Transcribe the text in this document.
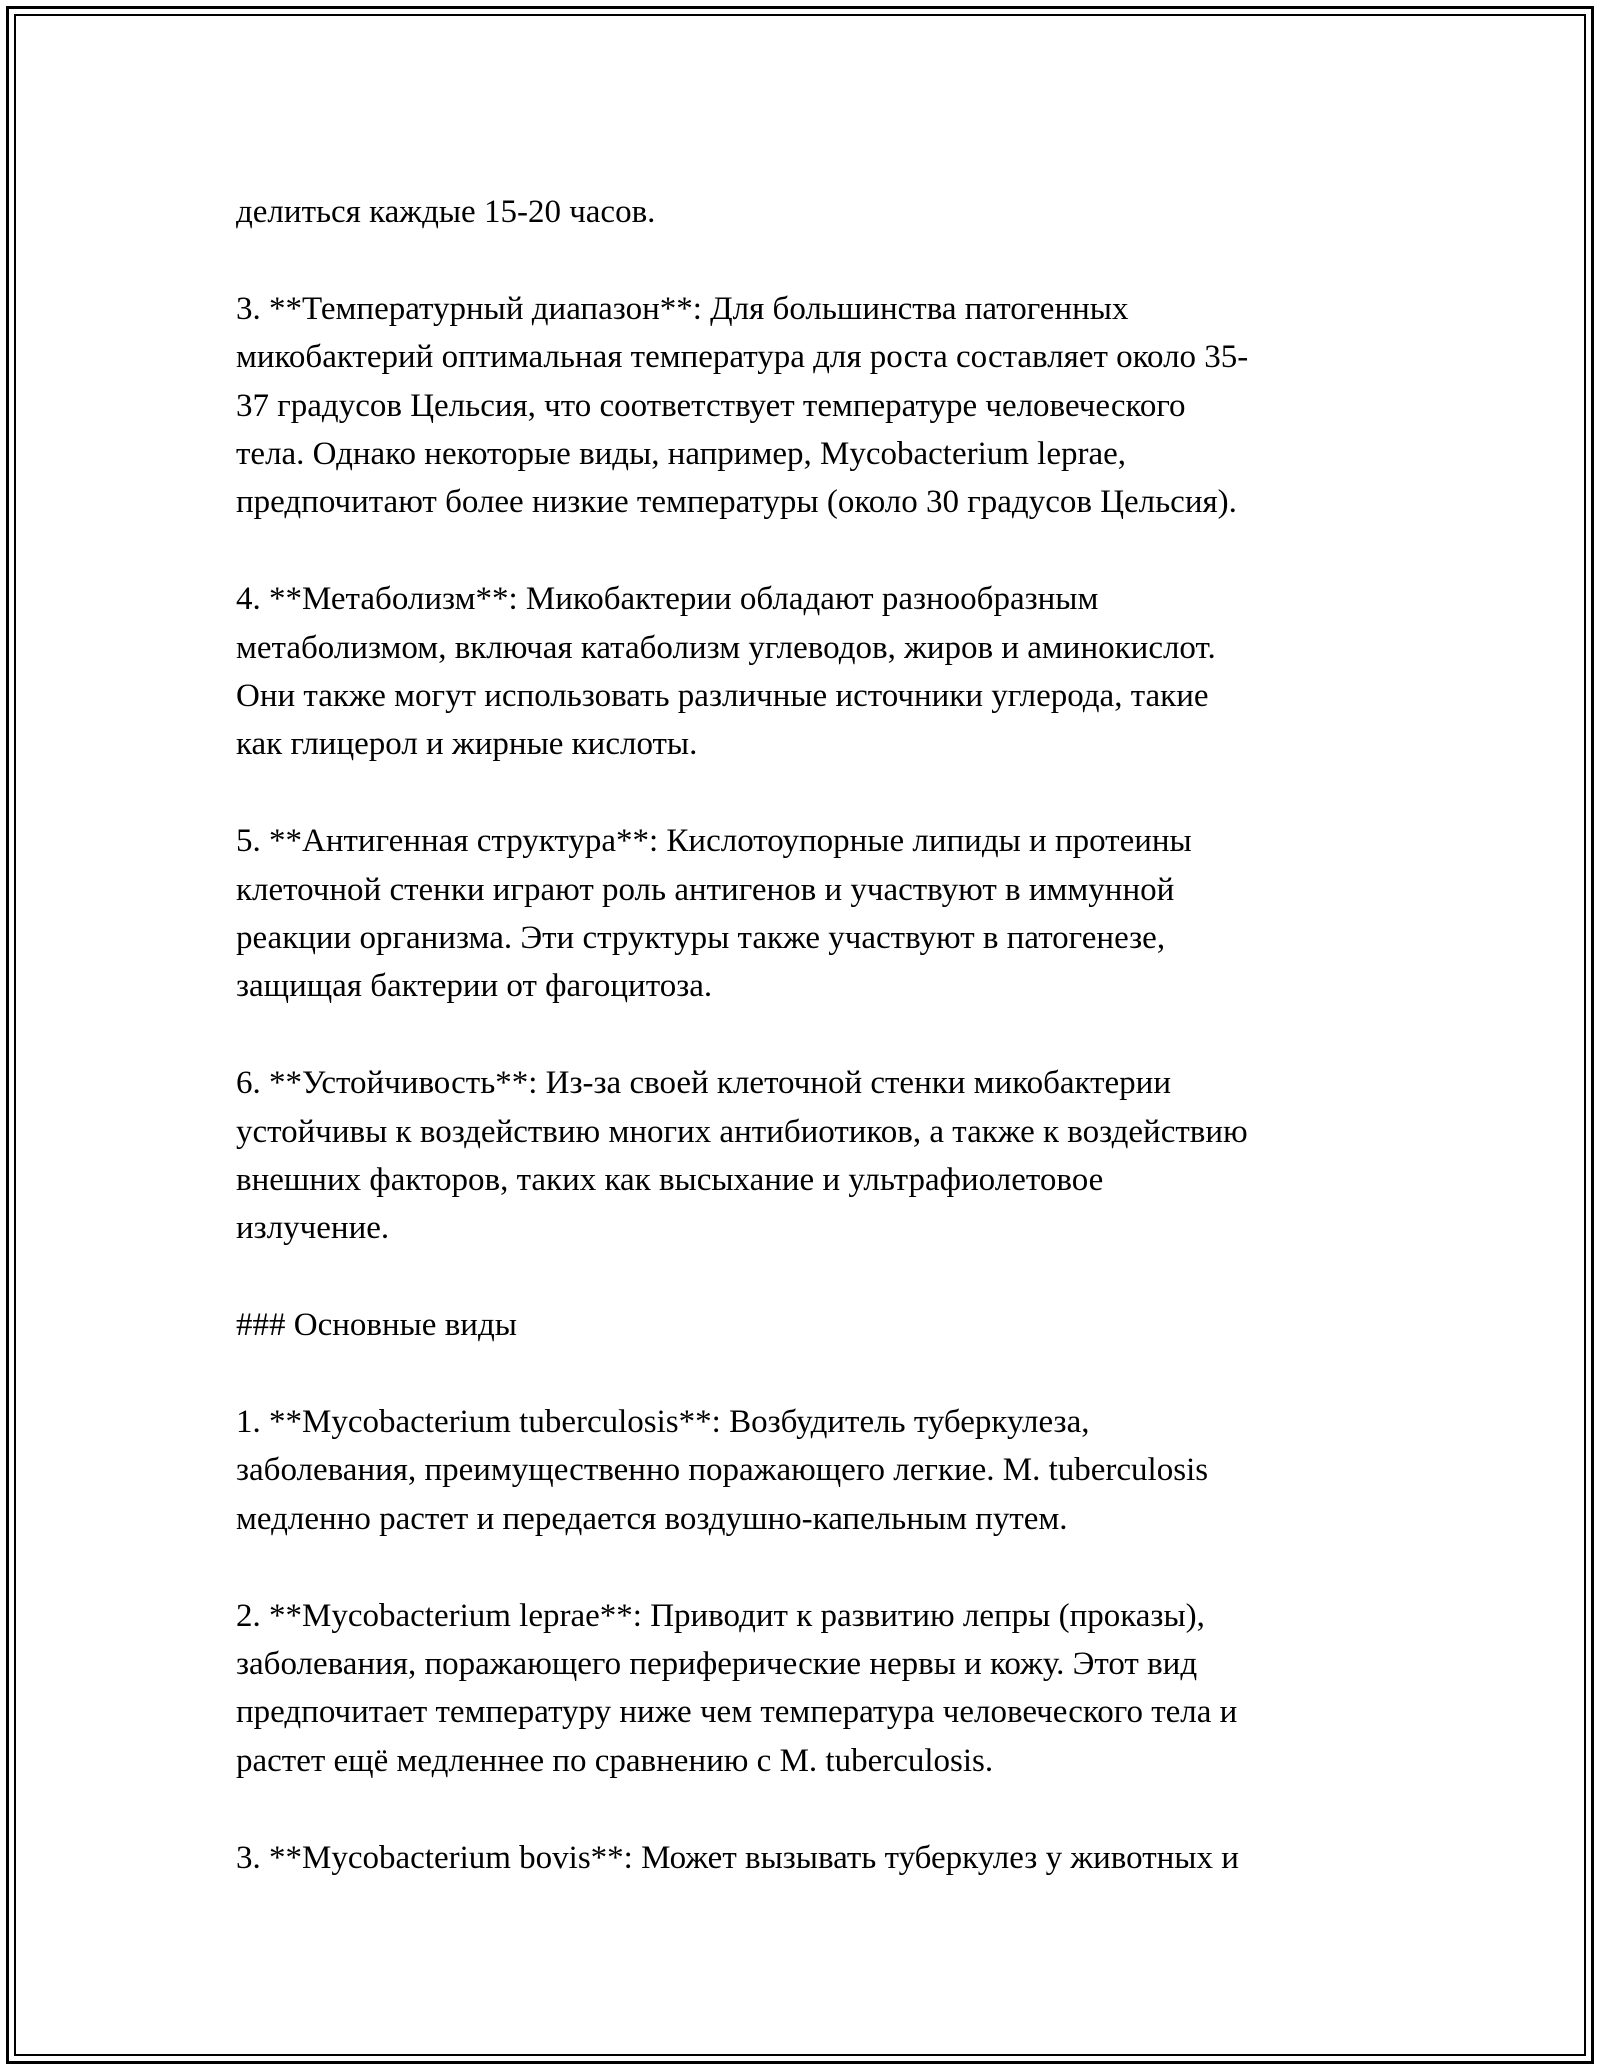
делиться каждые 15-20 часов.

3. **Температурный диапазон**: Для большинства патогенных
микобактерий оптимальная температура для роста составляет около 35-
37 градусов Цельсия, что соответствует температуре человеческого
тела. Однако некоторые виды, например, Mycobacterium leprae,
предпочитают более низкие температуры (около 30 градусов Цельсия).

4. **Метаболизм**: Микобактерии обладают разнообразным
метаболизмом, включая катаболизм углеводов, жиров и аминокислот.
Они также могут использовать различные источники углерода, такие
как глицерол и жирные кислоты.

5. **Антигенная структура**: Кислотоупорные липиды и протеины
клеточной стенки играют роль антигенов и участвуют в иммунной
реакции организма. Эти структуры также участвуют в патогенезе,
защищая бактерии от фагоцитоза.

6. **Устойчивость**: Из-за своей клеточной стенки микобактерии
устойчивы к воздействию многих антибиотиков, а также к воздействию
внешних факторов, таких как высыхание и ультрафиолетовое
излучение.

### Основные виды

1. **Mycobacterium tuberculosis**: Возбудитель туберкулеза,
заболевания, преимущественно поражающего легкие. M. tuberculosis
медленно растет и передается воздушно-капельным путем.

2. **Mycobacterium leprae**: Приводит к развитию лепры (проказы),
заболевания, поражающего периферические нервы и кожу. Этот вид
предпочитает температуру ниже чем температура человеческого тела и
растет ещё медленнее по сравнению с M. tuberculosis.

3. **Mycobacterium bovis**: Может вызывать туберкулез у животных и
